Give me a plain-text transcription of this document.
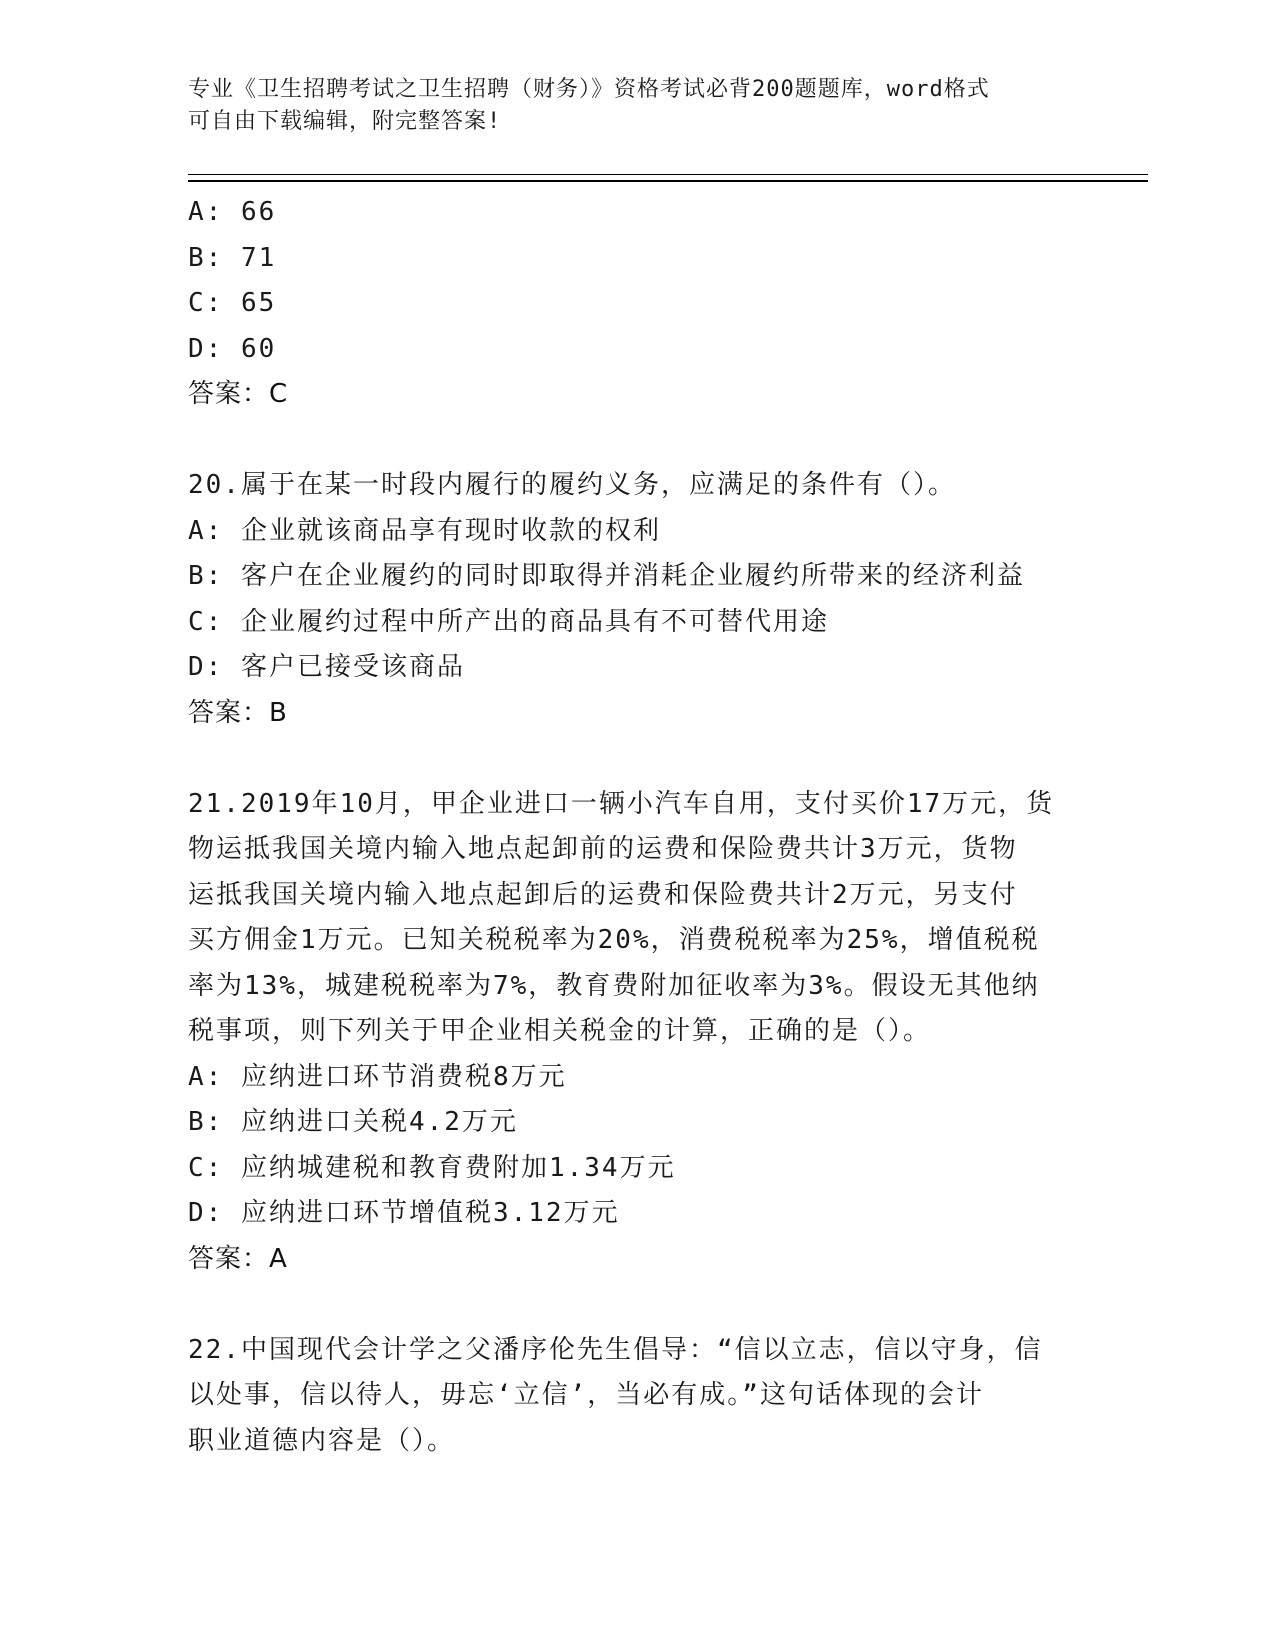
专业《卫生招聘考试之卫生招聘（财务）》资格考试必背200题题库，word格式
可自由下载编辑，附完整答案!
A: 66
B: 71
C: 65
D: 60
答案：C
20.属于在某一时段内履行的履约义务，应满足的条件有（）。
A: 企业就该商品享有现时收款的权利
B: 客户在企业履约的同时即取得并消耗企业履约所带来的经济利益
C: 企业履约过程中所产出的商品具有不可替代用途
D: 客户已接受该商品
答案：B
21.2019年10月，甲企业进口一辆小汽车自用，支付买价17万元，货
物运抵我国关境内输入地点起卸前的运费和保险费共计3万元，货物
运抵我国关境内输入地点起卸后的运费和保险费共计2万元，另支付
买方佣金1万元。已知关税税率为20%，消费税税率为25%，增值税税
率为13%，城建税税率为7%，教育费附加征收率为3%。假设无其他纳
税事项，则下列关于甲企业相关税金的计算，正确的是（）。
A: 应纳进口环节消费税8万元
B: 应纳进口关税4.2万元
C: 应纳城建税和教育费附加1.34万元
D: 应纳进口环节增值税3.12万元
答案：A
22.中国现代会计学之父潘序伦先生倡导：“信以立志，信以守身，信
以处事，信以待人，毋忘‘立信’，当必有成。”这句话体现的会计
职业道德内容是（）。
